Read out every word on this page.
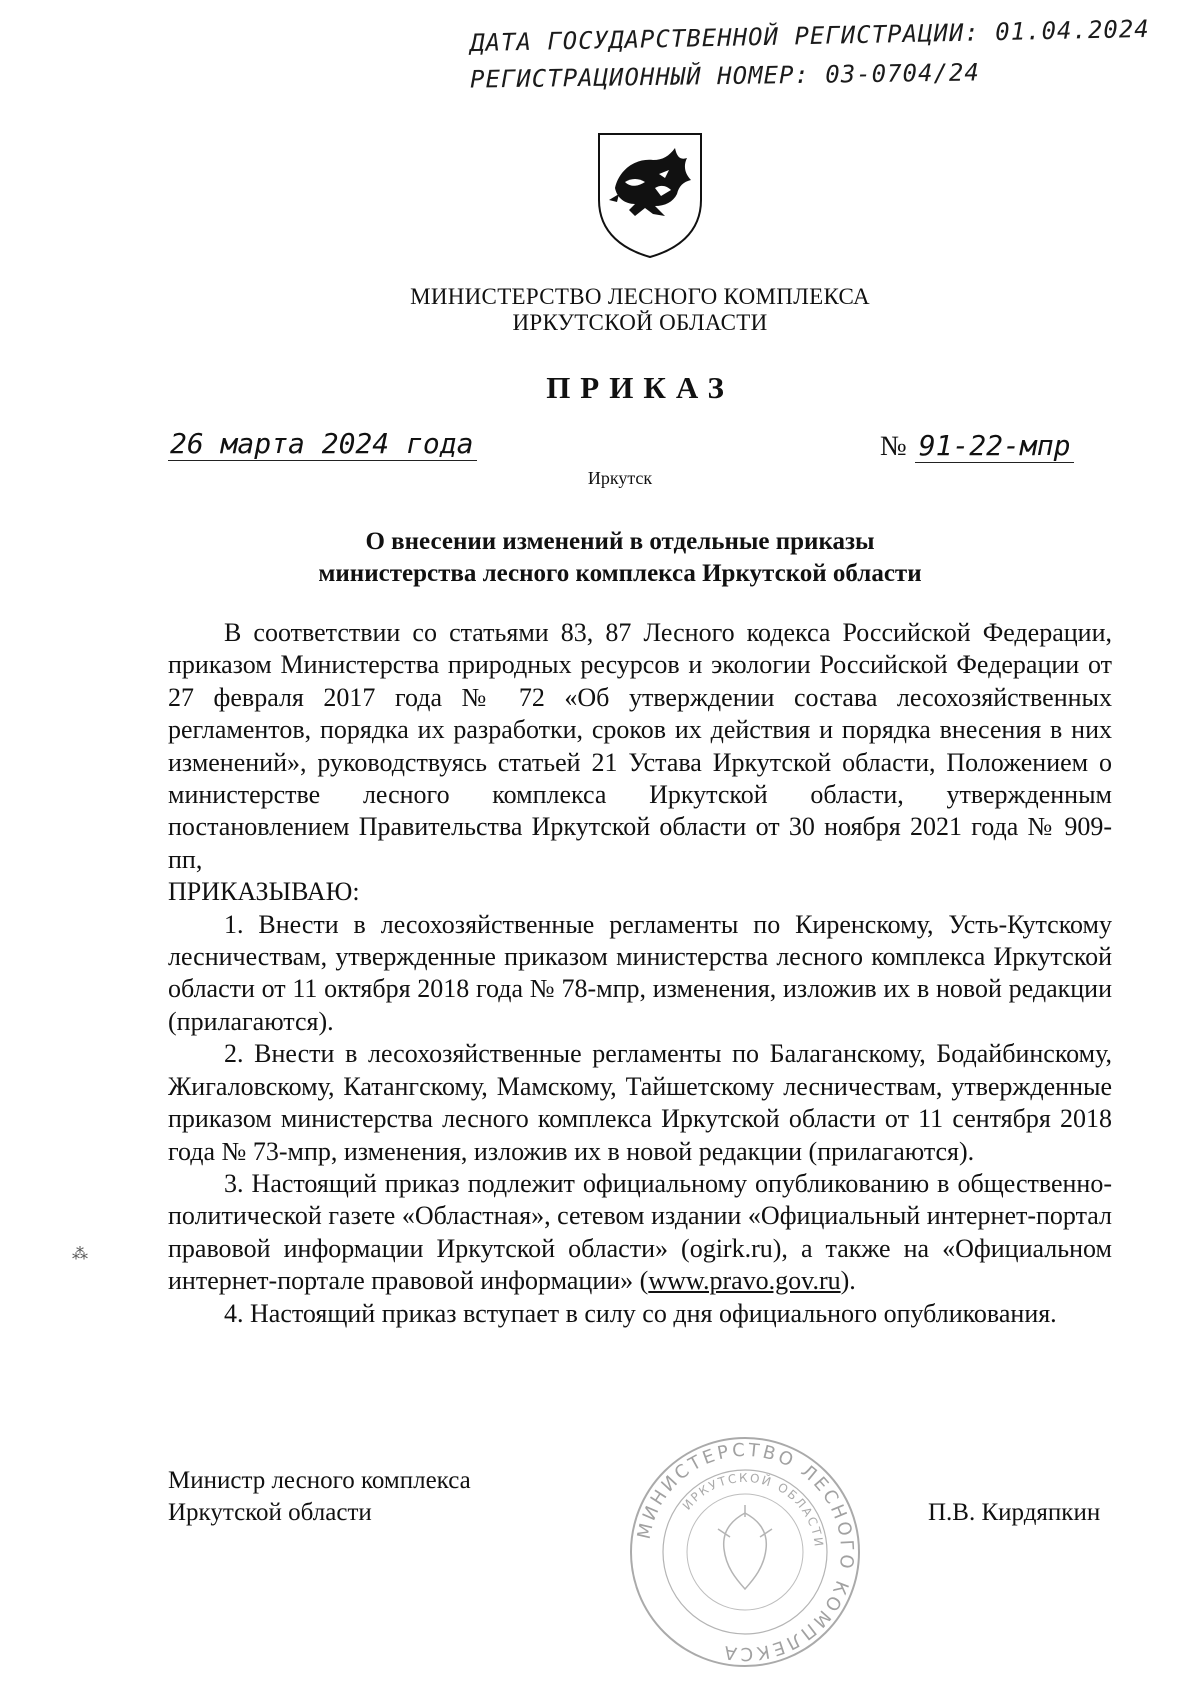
ДАТА ГОСУДАРСТВЕННОЙ РЕГИСТРАЦИИ: 01.04.2024
РЕГИСТРАЦИОННЫЙ НОМЕР: 03-0704/24
МИНИСТЕРСТВО ЛЕСНОГО КОМПЛЕКСА
ИРКУТСКОЙ ОБЛАСТИ
ПРИКАЗ
26 марта 2024 года	№ 91-22-мпр
Иркутск
О внесении изменений в отдельные приказы
министерства лесного комплекса Иркутской области

В соответствии со статьями 83, 87 Лесного кодекса Российской Федерации, приказом Министерства природных ресурсов и экологии Российской Федерации от 27 февраля 2017 года № 72 «Об утверждении состава лесохозяйственных регламентов, порядка их разработки, сроков их действия и порядка внесения в них изменений», руководствуясь статьей 21 Устава Иркутской области, Положением о министерстве лесного комплекса Иркутской области, утвержденным постановлением Правительства Иркутской области от 30 ноября 2021 года № 909-пп,

ПРИКАЗЫВАЮ:

1. Внести в лесохозяйственные регламенты по Киренскому, Усть-Кутскому лесничествам, утвержденные приказом министерства лесного комплекса Иркутской области от 11 октября 2018 года № 78-мпр, изменения, изложив их в новой редакции (прилагаются).

2. Внести в лесохозяйственные регламенты по Балаганскому, Бодайбинскому, Жигаловскому, Катангскому, Мамскому, Тайшетскому лесничествам, утвержденные приказом министерства лесного комплекса Иркутской области от 11 сентября 2018 года № 73-мпр, изменения, изложив их в новой редакции (прилагаются).

3. Настоящий приказ подлежит официальному опубликованию в общественно-политической газете «Областная», сетевом издании «Официальный интернет-портал правовой информации Иркутской области» (ogirk.ru), а также на «Официальном интернет-портале правовой информации» (www.pravo.gov.ru).

4. Настоящий приказ вступает в силу со дня официального опубликования.

Министр лесного комплекса
Иркутской области	П.В. Кирдяпкин
МИНИСТЕРСТВО ЛЕСНОГО КОМПЛЕКСА
ИРКУТСКОЙ ОБЛАСТИ
⁂
